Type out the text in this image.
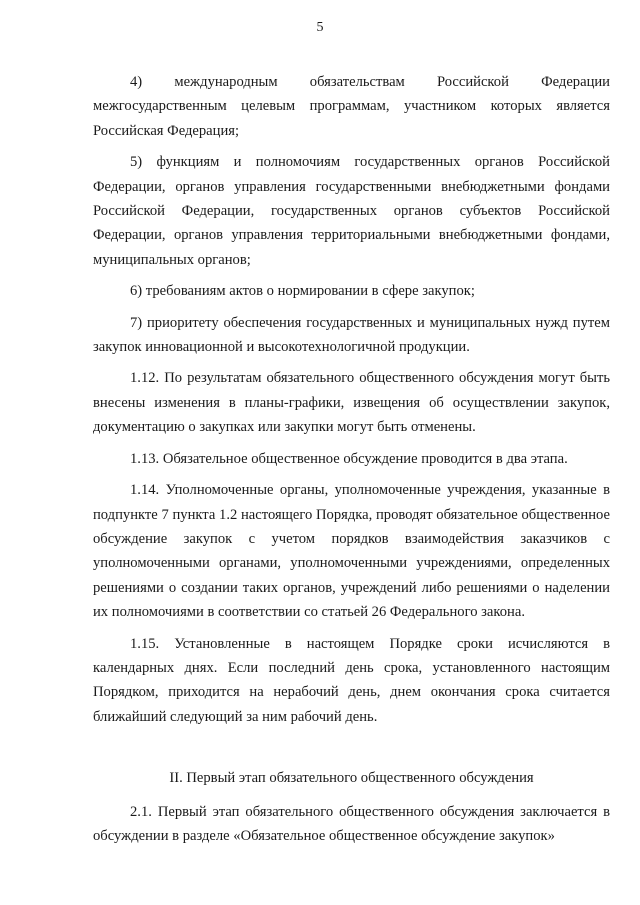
5

4) международным обязательствам Российской Федерации межгосударственным целевым программам, участником которых является Российская Федерация;

5) функциям и полномочиям государственных органов Российской Федерации, органов управления государственными внебюджетными фондами Российской Федерации, государственных органов субъектов Российской Федерации, органов управления территориальными внебюджетными фондами, муниципальных органов;

6) требованиям актов о нормировании в сфере закупок;

7) приоритету обеспечения государственных и муниципальных нужд путем закупок инновационной и высокотехнологичной продукции.

1.12. По результатам обязательного общественного обсуждения могут быть внесены изменения в планы-графики, извещения об осуществлении закупок, документацию о закупках или закупки могут быть отменены.

1.13. Обязательное общественное обсуждение проводится в два этапа.

1.14. Уполномоченные органы, уполномоченные учреждения, указанные в подпункте 7 пункта 1.2 настоящего Порядка, проводят обязательное общественное обсуждение закупок с учетом порядков взаимодействия заказчиков с уполномоченными органами, уполномоченными учреждениями, определенных решениями о создании таких органов, учреждений либо решениями о наделении их полномочиями в соответствии со статьей 26 Федерального закона.

1.15. Установленные в настоящем Порядке сроки исчисляются в календарных днях. Если последний день срока, установленного настоящим Порядком, приходится на нерабочий день, днем окончания срока считается ближайший следующий за ним рабочий день.

II. Первый этап обязательного общественного обсуждения

2.1. Первый этап обязательного общественного обсуждения заключается в обсуждении в разделе «Обязательное общественное обсуждение закупок»
